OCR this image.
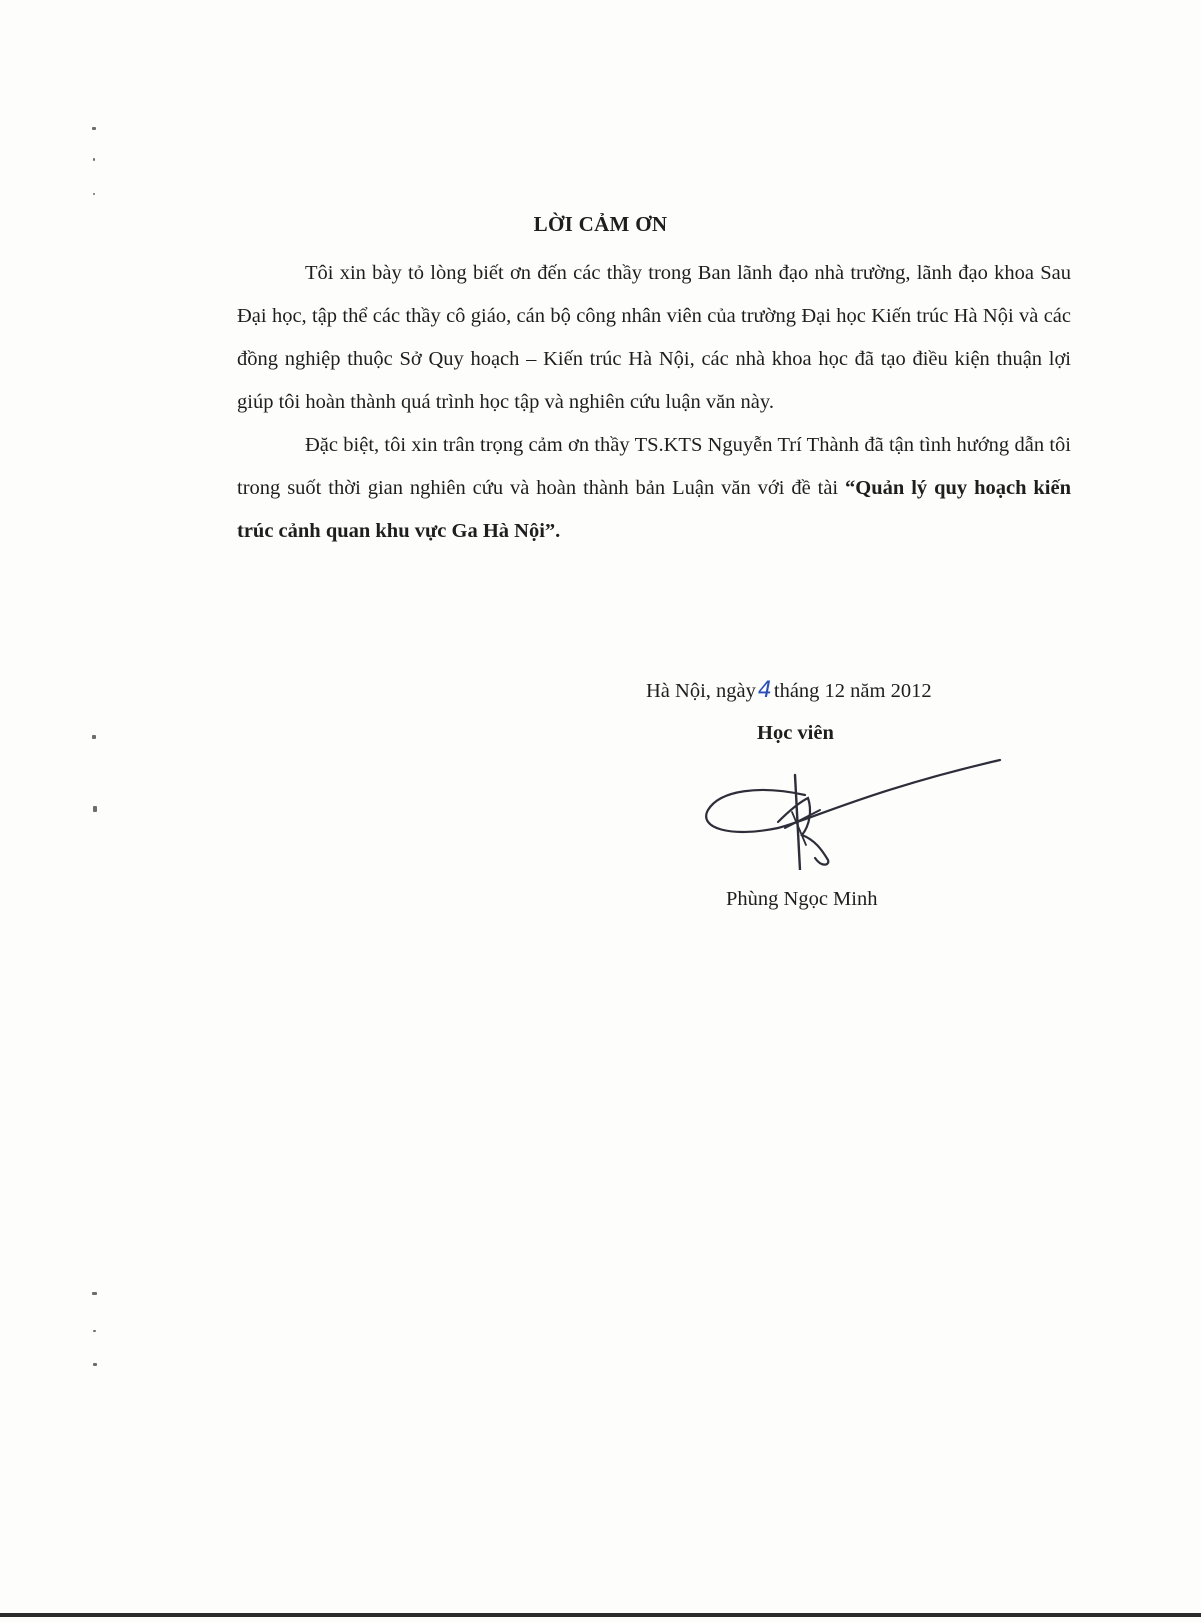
LỜI CẢM ƠN

Tôi xin bày tỏ lòng biết ơn đến các thầy trong Ban lãnh đạo nhà trường, lãnh đạo khoa Sau Đại học, tập thể các thầy cô giáo, cán bộ công nhân viên của trường Đại học Kiến trúc Hà Nội và các đồng nghiệp thuộc Sở Quy hoạch – Kiến trúc Hà Nội, các nhà khoa học đã tạo điều kiện thuận lợi giúp tôi hoàn thành quá trình học tập và nghiên cứu luận văn này.

Đặc biệt, tôi xin trân trọng cảm ơn thầy TS.KTS Nguyễn Trí Thành đã tận tình hướng dẫn tôi trong suốt thời gian nghiên cứu và hoàn thành bản Luận văn với đề tài “Quản lý quy hoạch kiến trúc cảnh quan khu vực Ga Hà Nội”.

Hà Nội, ngày4tháng 12 năm 2012
Học viên
Phùng Ngọc Minh
